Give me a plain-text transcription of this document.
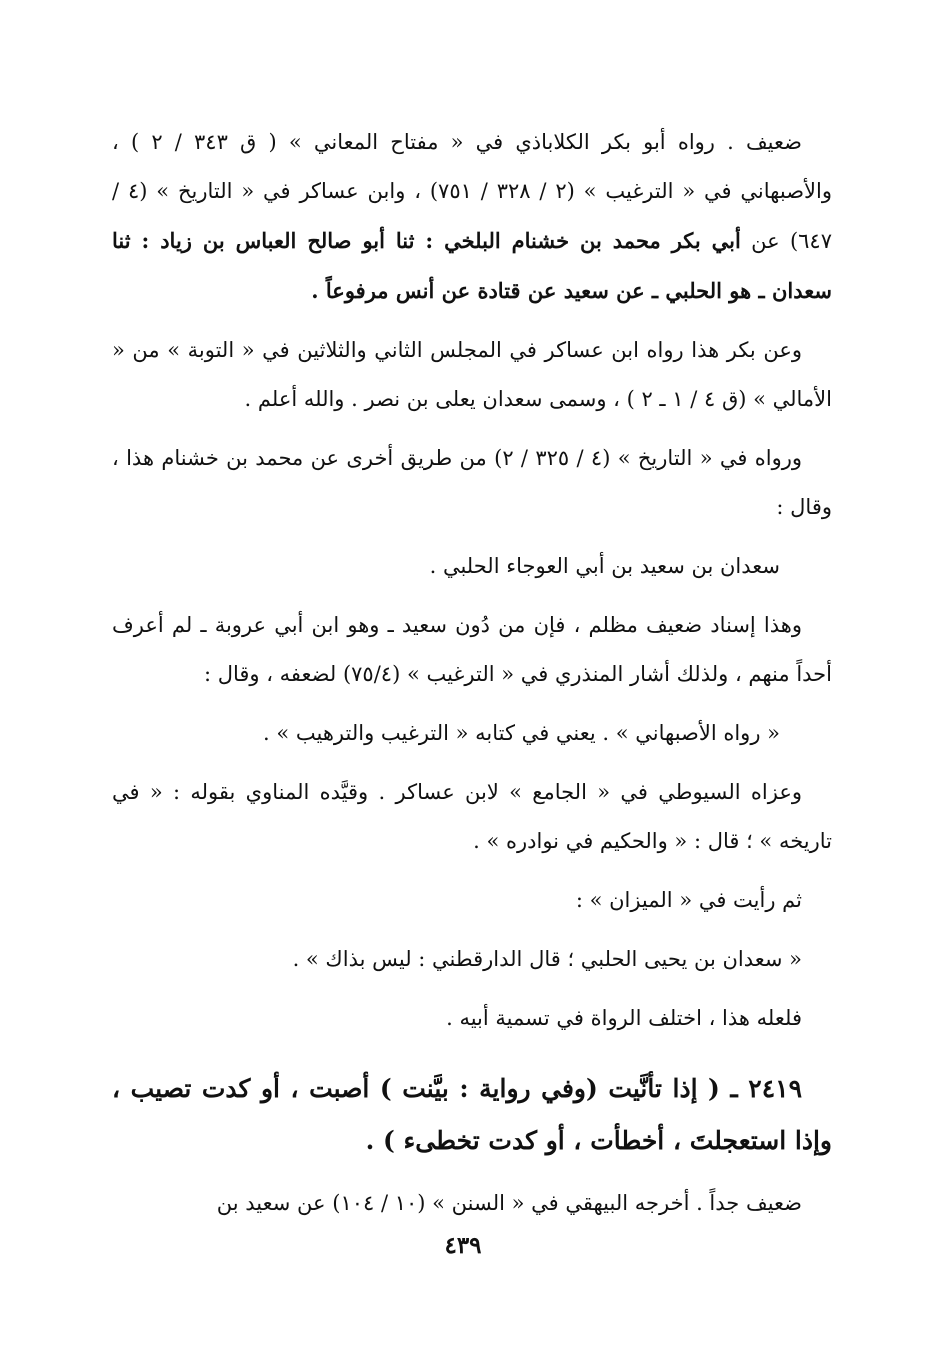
ضعيف . رواه أبو بكر الكلاباذي في « مفتاح المعاني » ( ق ٣٤٣ / ٢ ) ، والأصبهاني في « الترغيب » (٢ / ٣٢٨ / ٧٥١) ، وابن عساكر في « التاريخ » (٤ / ٦٤٧) عن أبي بكر محمد بن خشنام البلخي : ثنا أبو صالح العباس بن زياد : ثنا سعدان ـ هو الحلبي ـ عن سعيد عن قتادة عن أنس مرفوعاً .

وعن بكر هذا رواه ابن عساكر في المجلس الثاني والثلاثين في « التوبة » من « الأمالي » (ق ٤ / ١ ـ ٢ ) ، وسمى سعدان يعلى بن نصر . والله أعلم .

ورواه في « التاريخ » (٤ / ٣٢٥ / ٢) من طريق أخرى عن محمد بن خشنام هذا ، وقال :

سعدان بن سعيد بن أبي العوجاء الحلبي .

وهذا إسناد ضعيف مظلم ، فإن من دُون سعيد ـ وهو ابن أبي عروبة ـ لم أعرف أحداً منهم ، ولذلك أشار المنذري في « الترغيب » (٧٥/٤) لضعفه ، وقال :

« رواه الأصبهاني » . يعني في كتابه « الترغيب والترهيب » .

وعزاه السيوطي في « الجامع » لابن عساكر . وقيَّده المناوي بقوله : « في تاريخه » ؛ قال : « والحكيم في نوادره » .

ثم رأيت في « الميزان » :

« سعدان بن يحيى الحلبي ؛ قال الدارقطني : ليس بذاك » .

فلعله هذا ، اختلف الرواة في تسمية أبيه .

٢٤١٩ ـ ( إذا تأنَّيت (وفي رواية : بيَّنت ) أصبت ، أو كدت تصيب ، وإذا استعجلتَ ، أخطأت ، أو كدت تخطىء ) .

ضعيف جداً . أخرجه البيهقي في « السنن » (١٠ / ١٠٤) عن سعيد بن

٤٣٩
